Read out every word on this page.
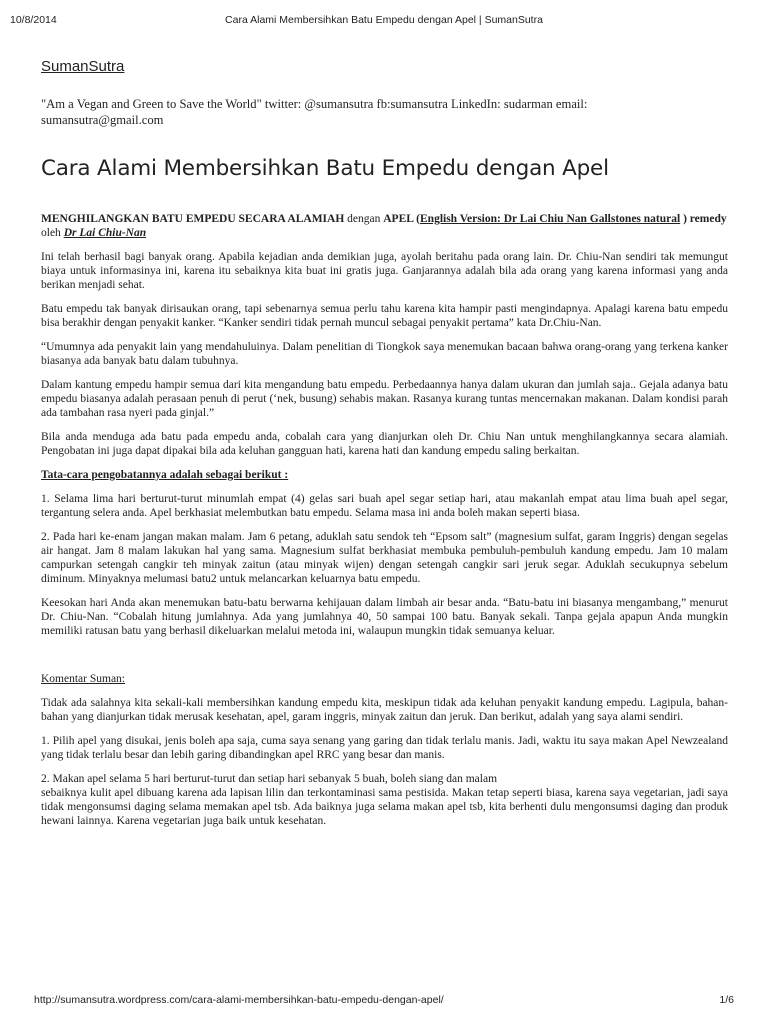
10/8/2014	Cara Alami Membersihkan Batu Empedu dengan Apel | SumanSutra
SumanSutra
"Am a Vegan and Green to Save the World" twitter: @sumansutra fb:sumansutra LinkedIn: sudarman email: sumansutra@gmail.com
Cara Alami Membersihkan Batu Empedu dengan Apel

MENGHILANGKAN BATU EMPEDU SECARA ALAMIAH dengan APEL (English Version: Dr Lai Chiu Nan Gallstones natural ) remedy

oleh Dr Lai Chiu-Nan

Ini telah berhasil bagi banyak orang. Apabila kejadian anda demikian juga, ayolah beritahu pada orang lain. Dr. Chiu-Nan sendiri tak memungut biaya untuk informasinya ini, karena itu sebaiknya kita buat ini gratis juga. Ganjarannya adalah bila ada orang yang karena informasi yang anda berikan menjadi sehat.

Batu empedu tak banyak dirisaukan orang, tapi sebenarnya semua perlu tahu karena kita hampir pasti mengindapnya. Apalagi karena batu empedu bisa berakhir dengan penyakit kanker. “Kanker sendiri tidak pernah muncul sebagai penyakit pertama” kata Dr.Chiu-Nan.

“Umumnya ada penyakit lain yang mendahuluinya. Dalam penelitian di Tiongkok saya menemukan bacaan bahwa orang-orang yang terkena kanker biasanya ada banyak batu dalam tubuhnya.

Dalam kantung empedu hampir semua dari kita mengandung batu empedu. Perbedaannya hanya dalam ukuran dan jumlah saja.. Gejala adanya batu empedu biasanya adalah perasaan penuh di perut (‘nek, busung) sehabis makan. Rasanya kurang tuntas mencernakan makanan. Dalam kondisi parah ada tambahan rasa nyeri pada ginjal.”

Bila anda menduga ada batu pada empedu anda, cobalah cara yang dianjurkan oleh Dr. Chiu Nan untuk menghilangkannya secara alamiah. Pengobatan ini juga dapat dipakai bila ada keluhan gangguan hati, karena hati dan kandung empedu saling berkaitan.

Tata-cara pengobatannya adalah sebagai berikut :

1. Selama lima hari berturut-turut minumlah empat (4) gelas sari buah apel segar setiap hari, atau makanlah empat atau lima buah apel segar, tergantung selera anda. Apel berkhasiat melembutkan batu empedu. Selama masa ini anda boleh makan seperti biasa.

2. Pada hari ke-enam jangan makan malam. Jam 6 petang, aduklah satu sendok teh “Epsom salt” (magnesium sulfat, garam Inggris) dengan segelas air hangat. Jam 8 malam lakukan hal yang sama. Magnesium sulfat berkhasiat membuka pembuluh-pembuluh kandung empedu. Jam 10 malam campurkan setengah cangkir teh minyak zaitun (atau minyak wijen) dengan setengah cangkir sari jeruk segar. Aduklah secukupnya sebelum diminum. Minyaknya melumasi batu2 untuk melancarkan keluarnya batu empedu.

Keesokan hari Anda akan menemukan batu-batu berwarna kehijauan dalam limbah air besar anda. “Batu-batu ini biasanya mengambang,” menurut Dr. Chiu-Nan. “Cobalah hitung jumlahnya. Ada yang jumlahnya 40, 50 sampai 100 batu. Banyak sekali. Tanpa gejala apapun Anda mungkin memiliki ratusan batu yang berhasil dikeluarkan melalui metoda ini, walaupun mungkin tidak semuanya keluar.

Komentar Suman:

Tidak ada salahnya kita sekali-kali membersihkan kandung empedu kita, meskipun tidak ada keluhan penyakit kandung empedu. Lagipula, bahan-bahan yang dianjurkan tidak merusak kesehatan, apel, garam inggris, minyak zaitun dan jeruk. Dan berikut, adalah yang saya alami sendiri.

1. Pilih apel yang disukai, jenis boleh apa saja, cuma saya senang yang garing dan tidak terlalu manis. Jadi, waktu itu saya makan Apel Newzealand yang tidak terlalu besar dan lebih garing dibandingkan apel RRC yang besar dan manis.

2. Makan apel selama 5 hari berturut-turut dan setiap hari sebanyak 5 buah, boleh siang dan malam

sebaiknya kulit apel dibuang karena ada lapisan lilin dan terkontaminasi sama pestisida. Makan tetap seperti biasa, karena saya vegetarian, jadi saya tidak mengonsumsi daging selama memakan apel tsb. Ada baiknya juga selama makan apel tsb, kita berhenti dulu mengonsumsi daging dan produk hewani lainnya. Karena vegetarian juga baik untuk kesehatan.

http://sumansutra.wordpress.com/cara-alami-membersihkan-batu-empedu-dengan-apel/	1/6
